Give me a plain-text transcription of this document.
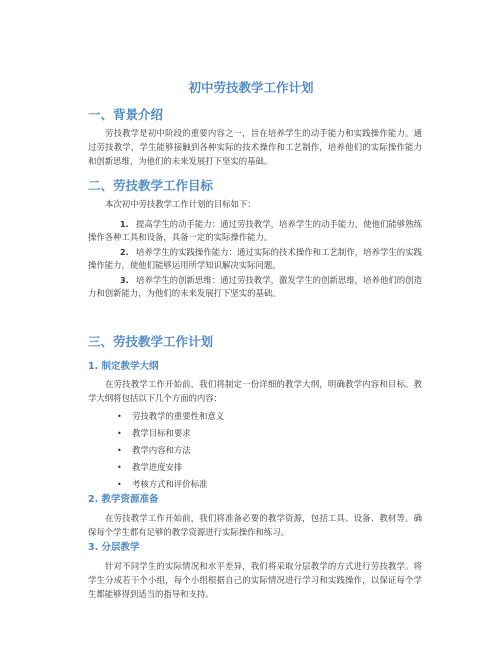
初中劳技教学工作计划
一、背景介绍

劳技教学是初中阶段的重要内容之一，旨在培养学生的动手能力和实践操作能力。通过劳技教学，学生能够接触到各种实际的技术操作和工艺制作，培养他们的实际操作能力和创新思维，为他们的未来发展打下坚实的基础。

二、劳技教学工作目标

本次初中劳技教学工作计划的目标如下：

1. 提高学生的动手能力：通过劳技教学，培养学生的动手能力，使他们能够熟练操作各种工具和设备，具备一定的实际操作能力。
2. 培养学生的实践操作能力：通过实际的技术操作和工艺制作，培养学生的实践操作能力，使他们能够运用所学知识解决实际问题。
3. 培养学生的创新思维：通过劳技教学，激发学生的创新思维，培养他们的创造力和创新能力，为他们的未来发展打下坚实的基础。
三、劳技教学工作计划
1. 制定教学大纲

在劳技教学工作开始前，我们将制定一份详细的教学大纲，明确教学内容和目标。教学大纲将包括以下几个方面的内容：

• 劳技教学的重要性和意义
• 教学目标和要求
• 教学内容和方法
• 教学进度安排
• 考核方式和评价标准
2. 教学资源准备

在劳技教学工作开始前，我们将准备必要的教学资源，包括工具、设备、教材等。确保每个学生都有足够的教学资源进行实际操作和练习。

3. 分层教学

针对不同学生的实际情况和水平差异，我们将采取分层教学的方式进行劳技教学。将学生分成若干个小组，每个小组根据自己的实际情况进行学习和实践操作，以保证每个学生都能够得到适当的指导和支持。
